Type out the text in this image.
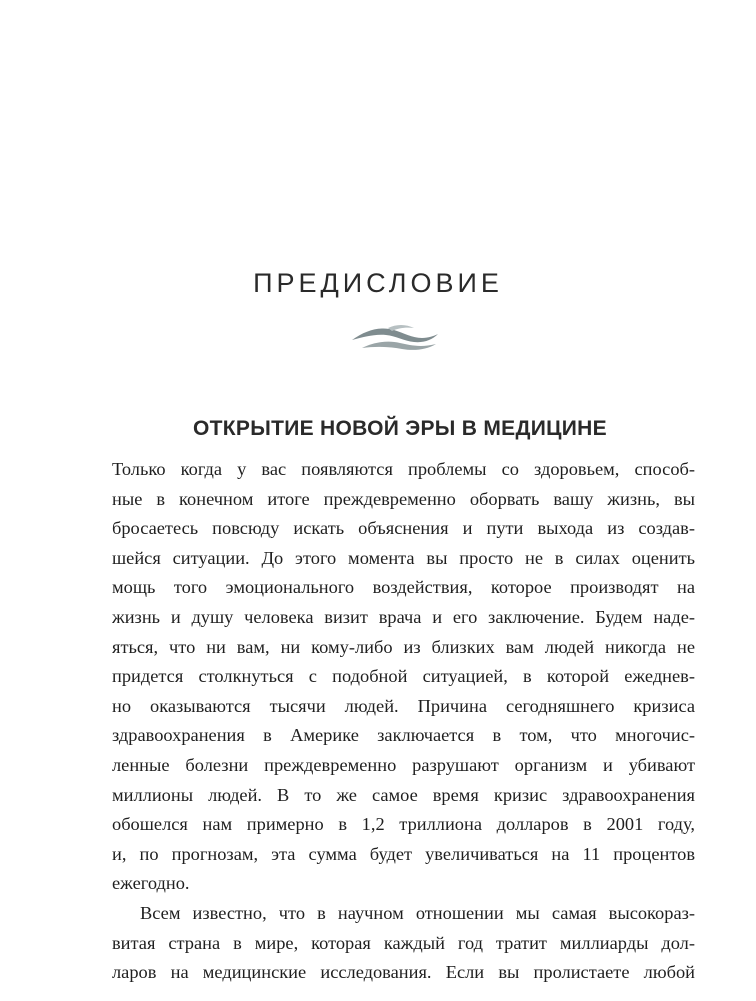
ПРЕДИСЛОВИЕ
ОТКРЫТИЕ НОВОЙ ЭРЫ В МЕДИЦИНЕ
Только когда у вас появляются проблемы со здоровьем, способ-
ные в конечном итоге преждевременно оборвать вашу жизнь, вы
бросаетесь повсюду искать объяснения и пути выхода из создав-
шейся ситуации. До этого момента вы просто не в силах оценить
мощь того эмоционального воздействия, которое производят на
жизнь и душу человека визит врача и его заключение. Будем наде-
яться, что ни вам, ни кому-либо из близких вам людей никогда не
придется столкнуться с подобной ситуацией, в которой ежеднев-
но оказываются тысячи людей. Причина сегодняшнего кризиса
здравоохранения в Америке заключается в том, что многочис-
ленные болезни преждевременно разрушают организм и убивают
миллионы людей. В то же самое время кризис здравоохранения
обошелся нам примерно в 1,2 триллиона долларов в 2001 году,
и, по прогнозам, эта сумма будет увеличиваться на 11 процентов
ежегодно.
Всем известно, что в научном отношении мы самая высокораз-
витая страна в мире, которая каждый год тратит миллиарды дол-
ларов на медицинские исследования. Если вы пролистаете любой
